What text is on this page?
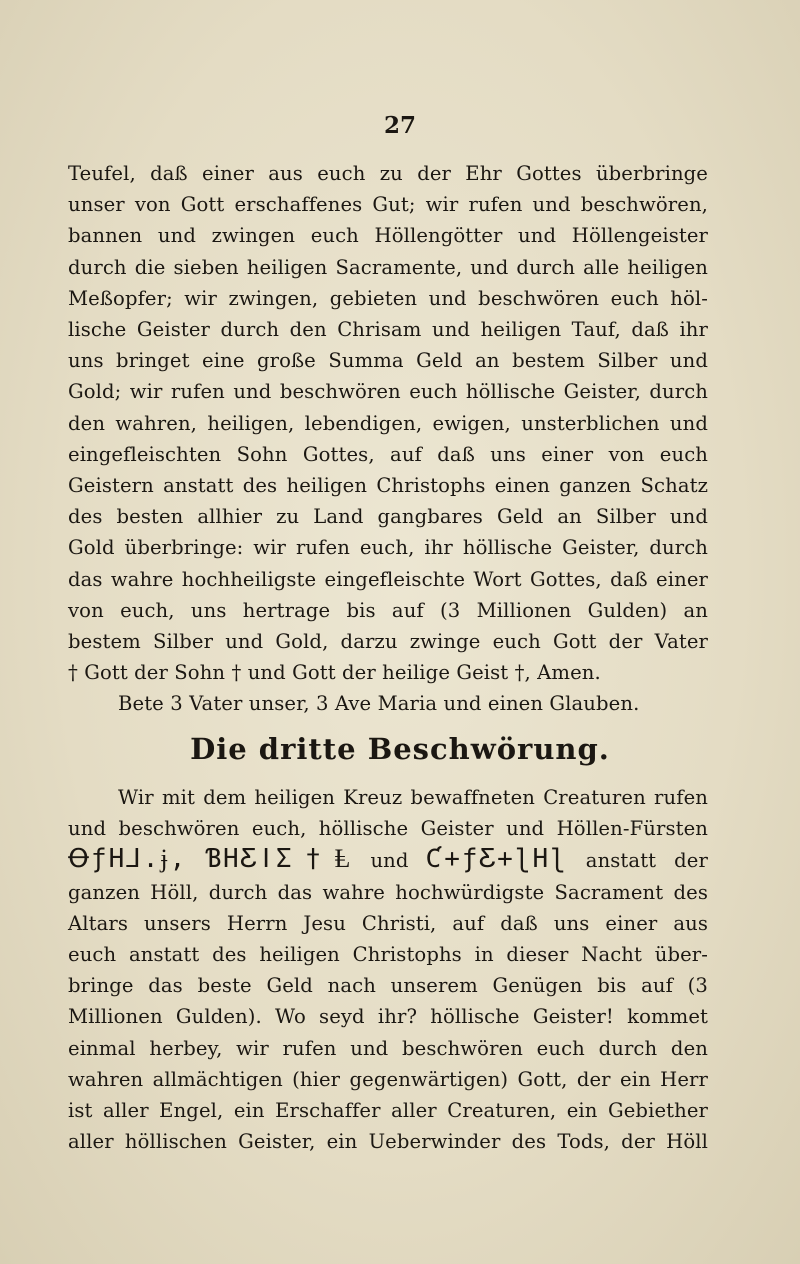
27
Teufel, daß einer aus euch zu der Ehr Gottes überbringe
unser von Gott erschaffenes Gut; wir rufen und beschwören,
bannen und zwingen euch Höllengötter und Höllengeister
durch die sieben heiligen Sacramente, und durch alle heiligen
Meßopfer; wir zwingen, gebieten und beschwören euch höl-
lische Geister durch den Chrisam und heiligen Tauf, daß ihr
uns bringet eine große Summa Geld an bestem Silber und
Gold; wir rufen und beschwören euch höllische Geister, durch
den wahren, heiligen, lebendigen, ewigen, unsterblichen und
eingefleischten Sohn Gottes, auf daß uns einer von euch
Geistern anstatt des heiligen Christophs einen ganzen Schatz
des besten allhier zu Land gangbares Geld an Silber und
Gold überbringe: wir rufen euch, ihr höllische Geister, durch
das wahre hochheiligste eingefleischte Wort Gottes, daß einer
von euch, uns hertrage bis auf (3 Millionen Gulden) an
bestem Silber und Gold, darzu zwinge euch Gott der Vater
† Gott der Sohn † und Gott der heilige Geist †, Amen.
Bete 3 Vater unser, 3 Ave Maria und einen Glauben.
Die dritte Beschwörung.
Wir mit dem heiligen Kreuz bewaffneten Creaturen rufen
und beschwören euch, höllische Geister und Höllen-Fürsten
ꝊƒH⅃.ɉ, ƁHƸǀƩ†Ⱡ und Ƈ+ƒƸ+ɭHɭ anstatt der
ganzen Höll, durch das wahre hochwürdigste Sacrament des
Altars unsers Herrn Jesu Christi, auf daß uns einer aus
euch anstatt des heiligen Christophs in dieser Nacht über-
bringe das beste Geld nach unserem Genügen bis auf (3
Millionen Gulden). Wo seyd ihr? höllische Geister! kommet
einmal herbey, wir rufen und beschwören euch durch den
wahren allmächtigen (hier gegenwärtigen) Gott, der ein Herr
ist aller Engel, ein Erschaffer aller Creaturen, ein Gebiether
aller höllischen Geister, ein Ueberwinder des Tods, der Höll
